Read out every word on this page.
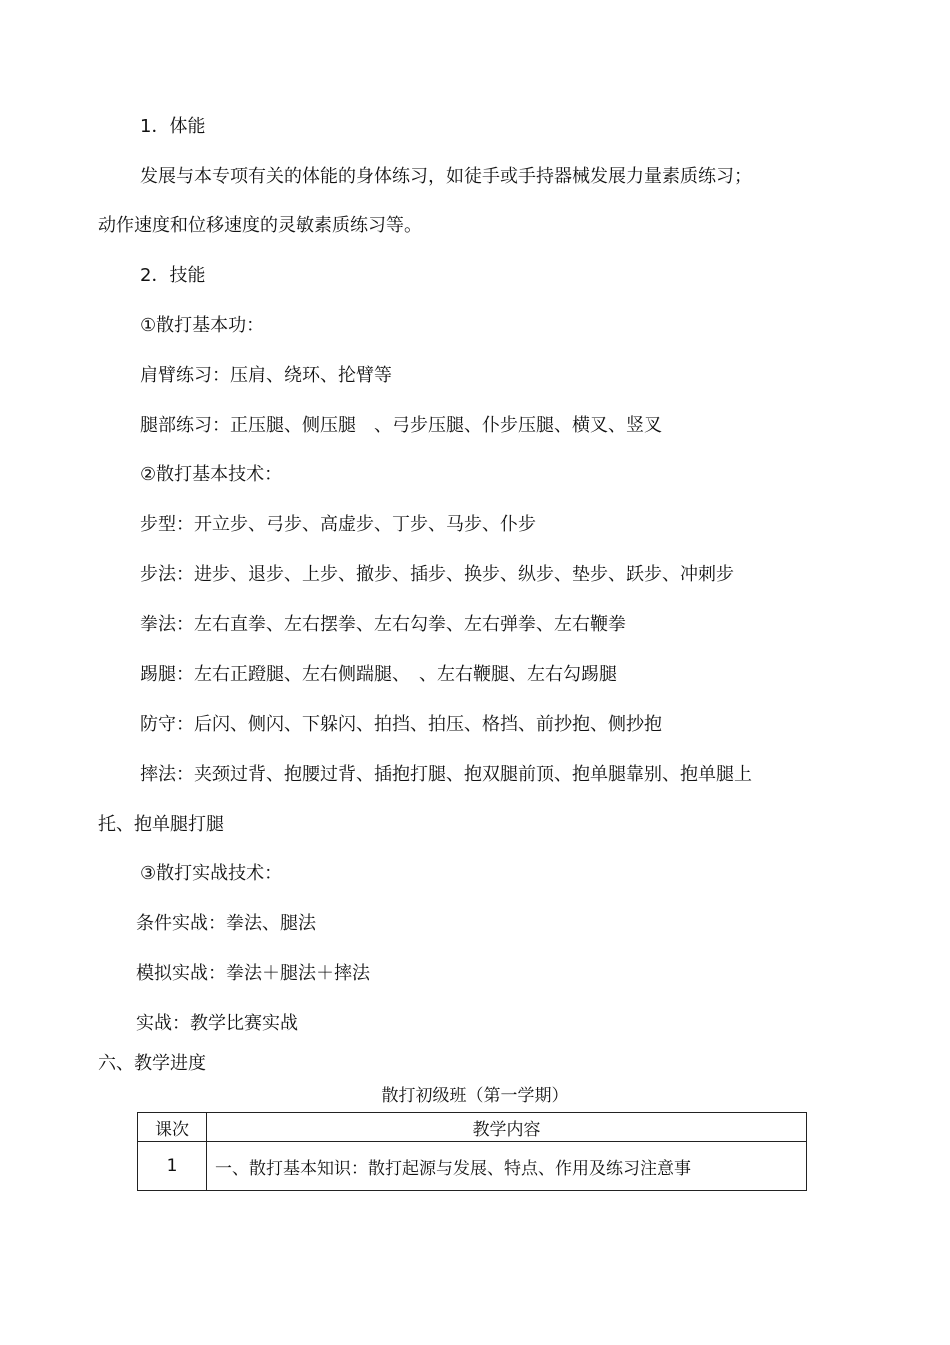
1．体能
发展与本专项有关的体能的身体练习，如徒手或手持器械发展力量素质练习；
动作速度和位移速度的灵敏素质练习等。
2．技能
①散打基本功：
肩臂练习：压肩、绕环、抡臂等
腿部练习：正压腿、侧压腿　、弓步压腿、仆步压腿、横叉、竖叉
②散打基本技术：
步型：开立步、弓步、高虚步、丁步、马步、仆步
步法：进步、退步、上步、撤步、插步、换步、纵步、垫步、跃步、冲刺步
拳法：左右直拳、左右摆拳、左右勾拳、左右弹拳、左右鞭拳
踢腿：左右正蹬腿、左右侧踹腿、　、左右鞭腿、左右勾踢腿
防守：后闪、侧闪、下躲闪、拍挡、拍压、格挡、前抄抱、侧抄抱
摔法：夹颈过背、抱腰过背、插抱打腿、抱双腿前顶、抱单腿靠别、抱单腿上
托、抱单腿打腿
③散打实战技术：
条件实战：拳法、腿法
模拟实战：拳法＋腿法＋摔法
实战：教学比赛实战
六、教学进度
散打初级班（第一学期）
课次	教学内容
1	一、散打基本知识：散打起源与发展、特点、作用及练习注意事
